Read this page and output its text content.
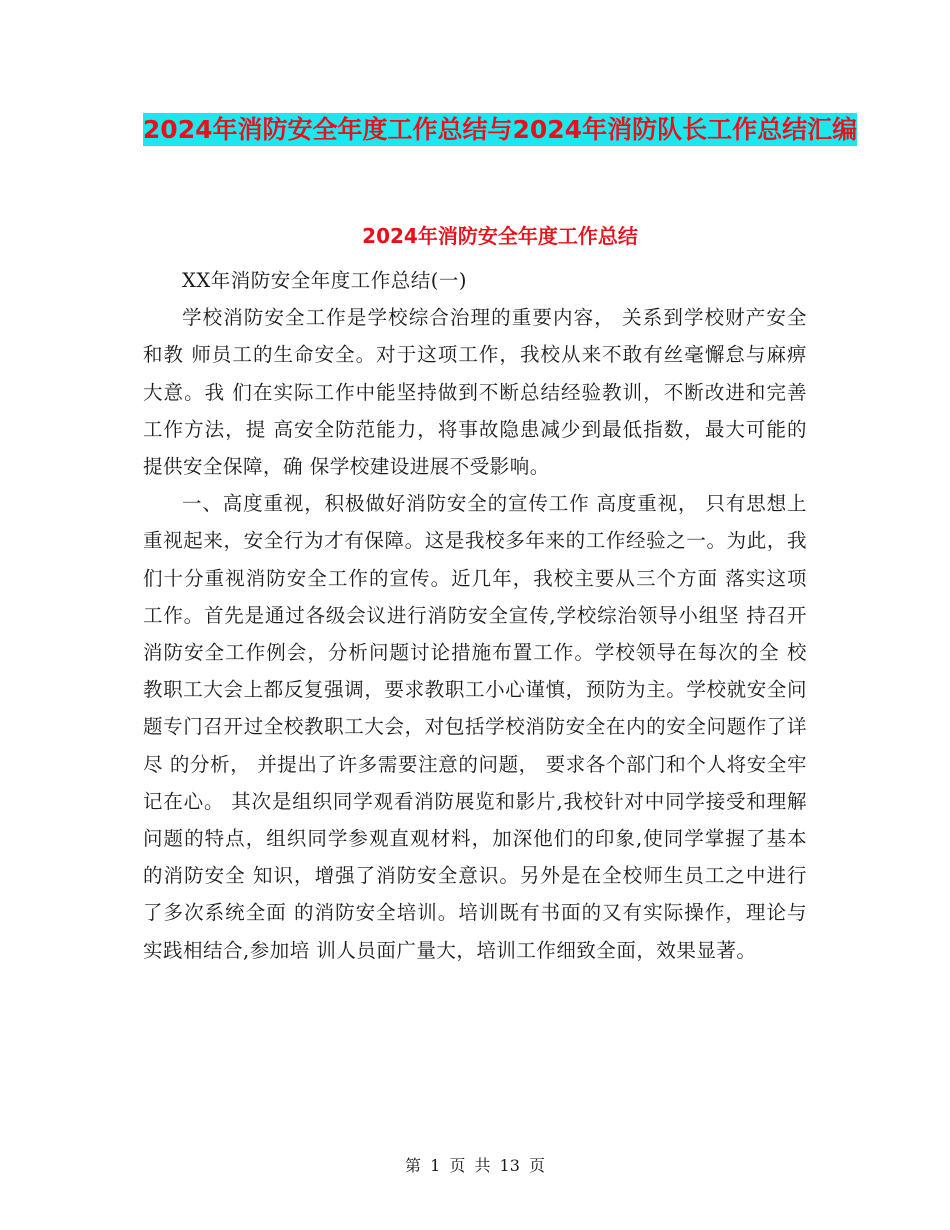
2024年消防安全年度工作总结与2024年消防队长工作总结汇编
2024年消防安全年度工作总结

XX年消防安全年度工作总结(一)

学校消防安全工作是学校综合治理的重要内容， 关系到学校财产安全和教 师员工的生命安全。对于这项工作，我校从来不敢有丝毫懈怠与麻痹大意。我 们在实际工作中能坚持做到不断总结经验教训，不断改进和完善工作方法，提 高安全防范能力，将事故隐患减少到最低指数，最大可能的提供安全保障，确 保学校建设进展不受影响。

一、高度重视，积极做好消防安全的宣传工作 高度重视， 只有思想上重视起来，安全行为才有保障。这是我校多年来的工作经验之一。为此，我们十分重视消防安全工作的宣传。近几年，我校主要从三个方面 落实这项工作。首先是通过各级会议进行消防安全宣传,学校综治领导小组坚 持召开消防安全工作例会，分析问题讨论措施布置工作。学校领导在每次的全 校教职工大会上都反复强调，要求教职工小心谨慎，预防为主。学校就安全问 题专门召开过全校教职工大会，对包括学校消防安全在内的安全问题作了详尽 的分析， 并提出了许多需要注意的问题， 要求各个部门和个人将安全牢记在心。 其次是组织同学观看消防展览和影片,我校针对中同学接受和理解问题的特点，组织同学参观直观材料，加深他们的印象,使同学掌握了基本的消防安全 知识，增强了消防安全意识。另外是在全校师生员工之中进行了多次系统全面 的消防安全培训。培训既有书面的又有实际操作，理论与实践相结合,参加培 训人员面广量大，培训工作细致全面，效果显著。

第 1 页 共 13 页
